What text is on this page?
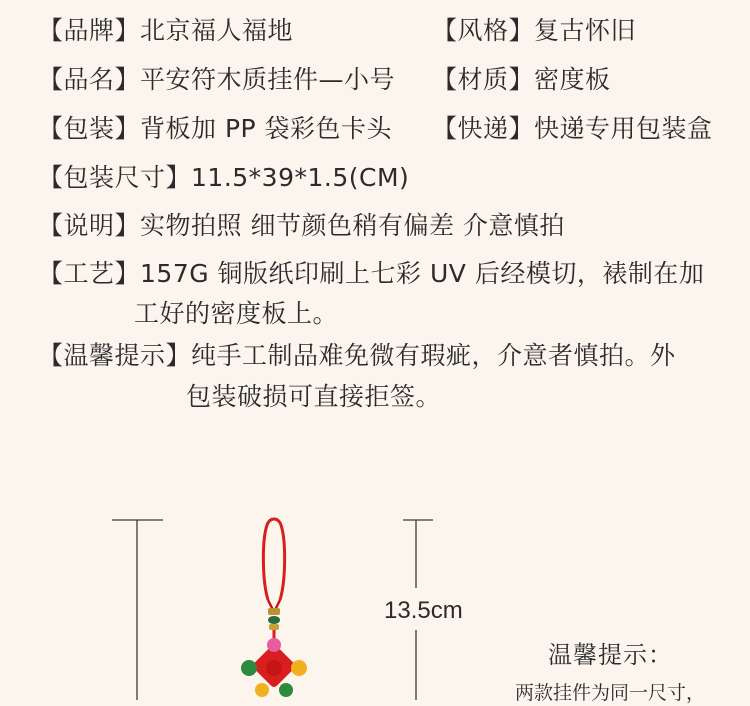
【品牌】北京福人福地	【风格】复古怀旧
【品名】平安符木质挂件—小号 【材质】密度板
【包装】背板加 PP 袋彩色卡头 【快递】快递专用包装盒
【包装尺寸】11.5*39*1.5(CM)
【说明】实物拍照 细节颜色稍有偏差 介意慎拍
【工艺】157G 铜版纸印刷上七彩 UV 后经模切，裱制在加
工好的密度板上。
【温馨提示】纯手工制品难免微有瑕疵，介意者慎拍。外
包装破损可直接拒签。
13.5cm
温馨提示：
两款挂件为同一尺寸，
